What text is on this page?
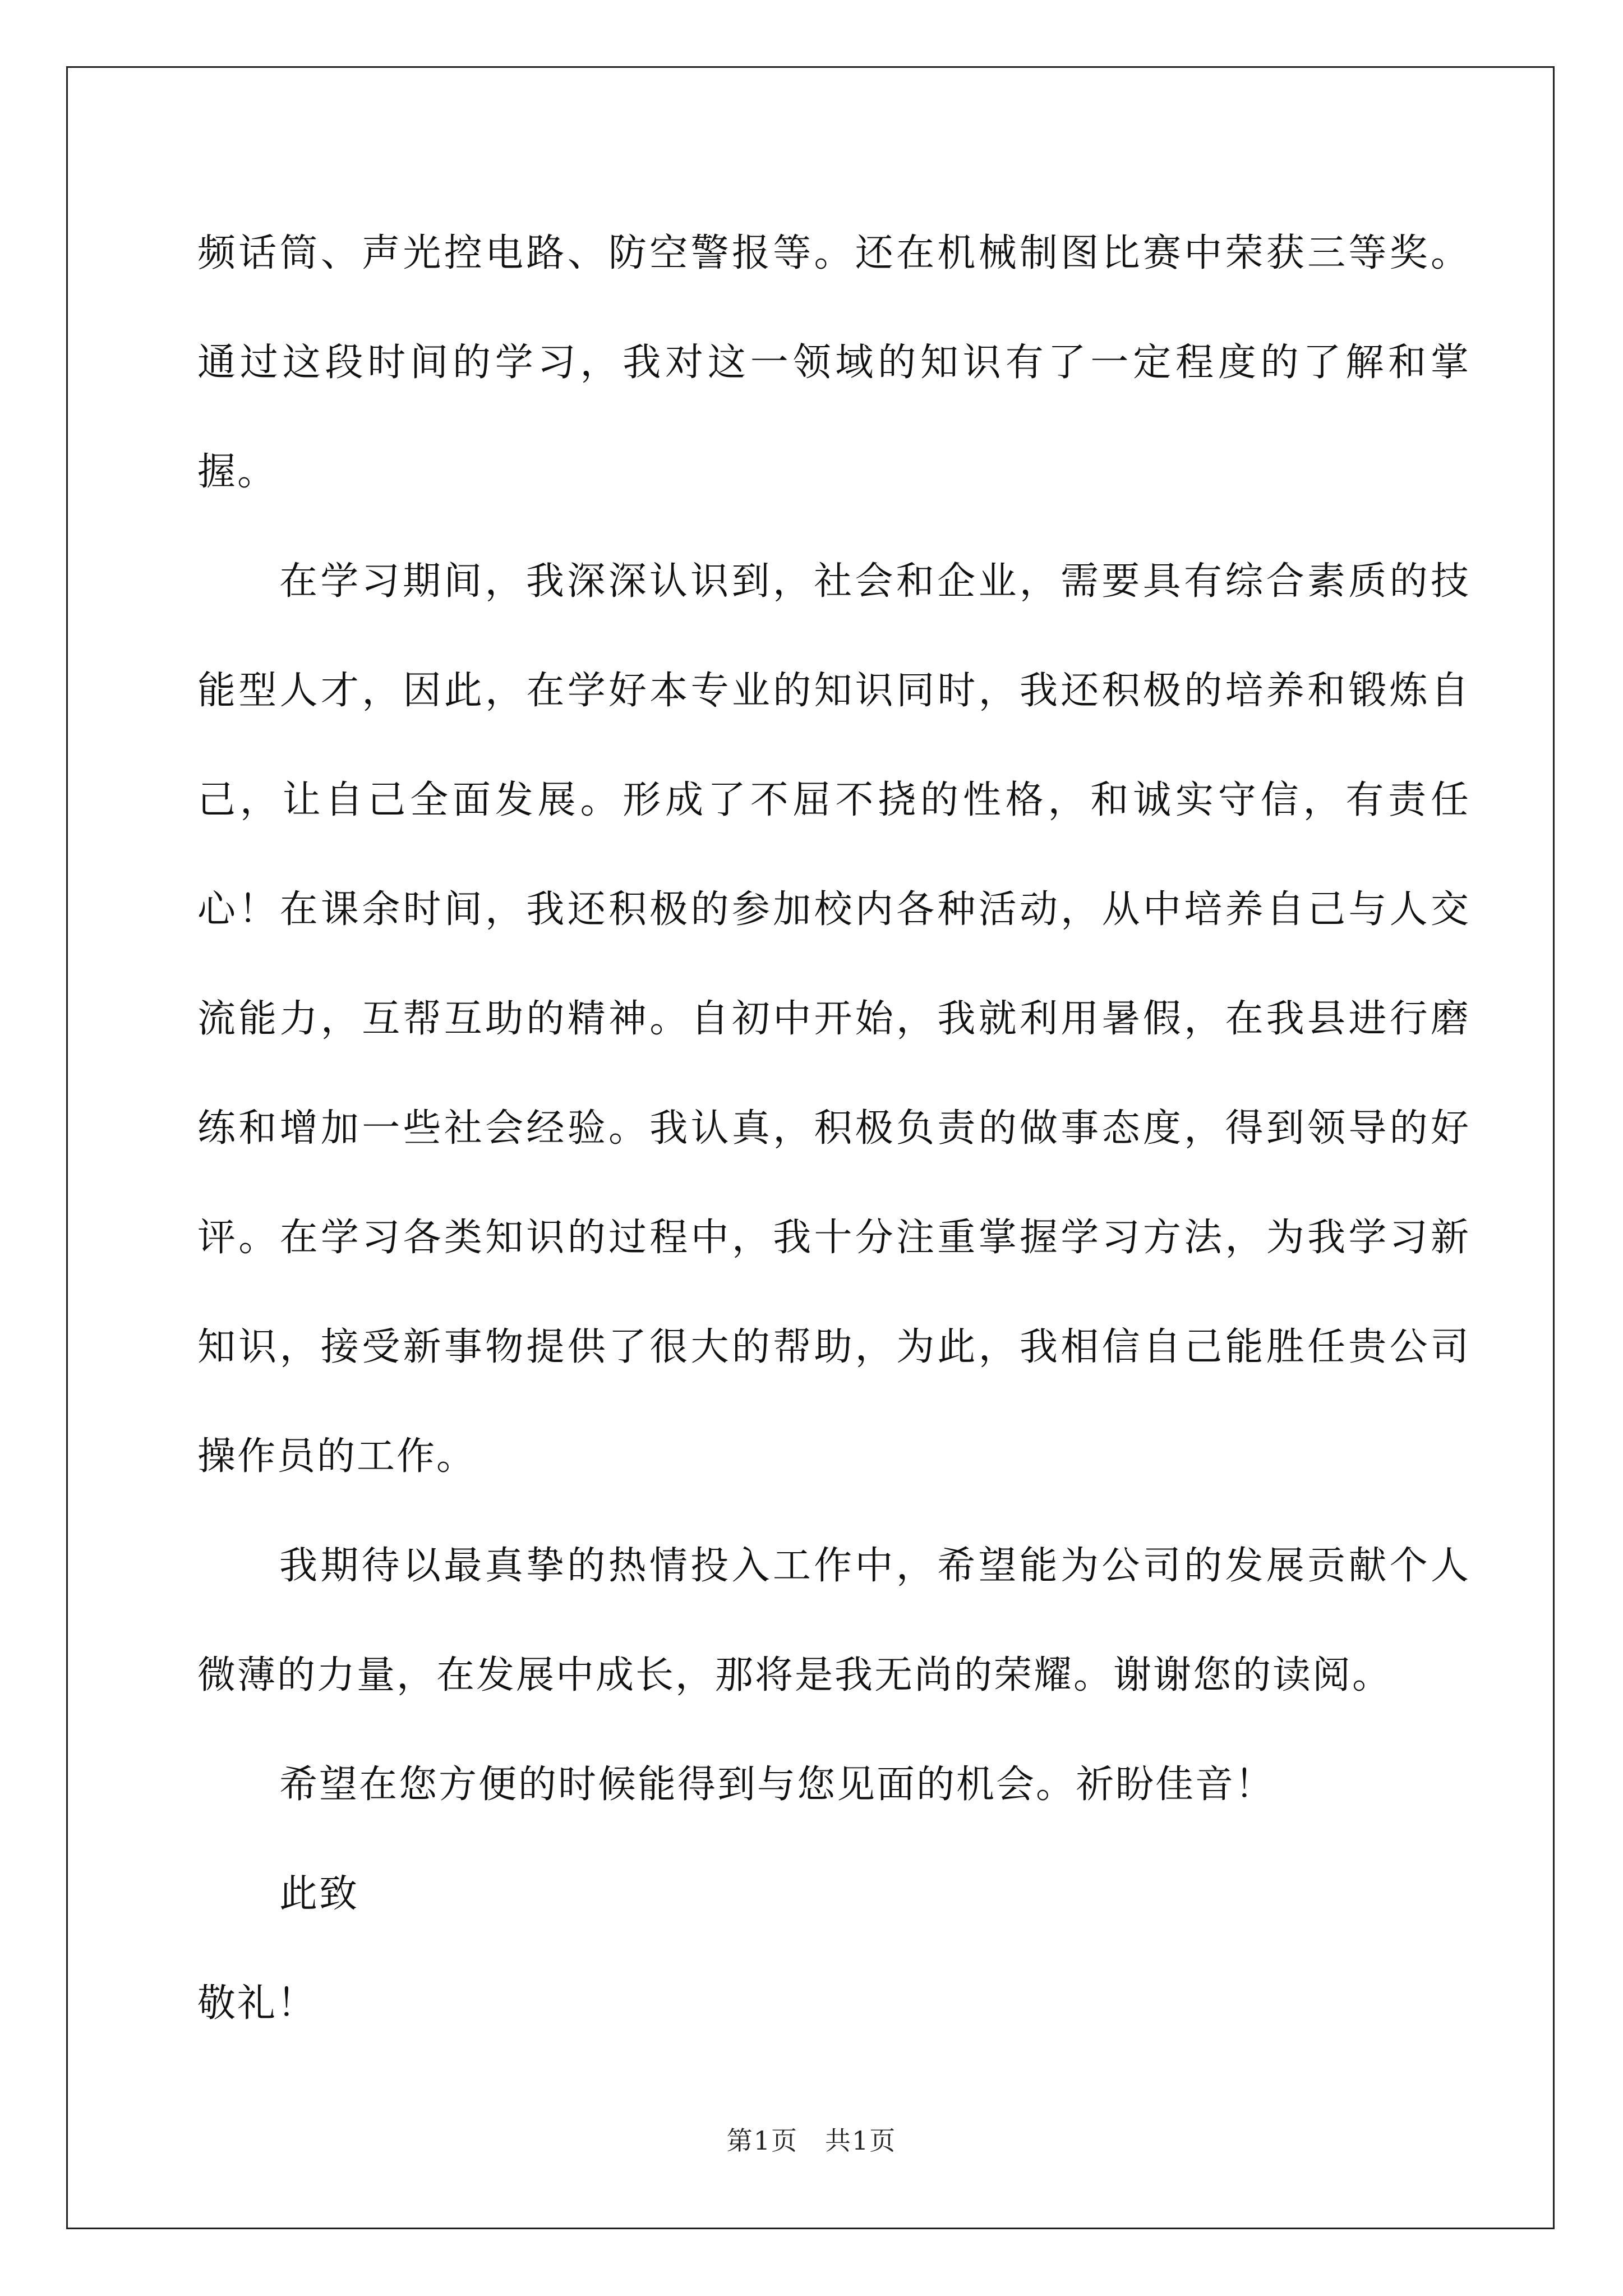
频话筒、声光控电路、防空警报等。还在机械制图比赛中荣获三等奖。通过这段时间的学习，我对这一领域的知识有了一定程度的了解和掌握。

在学习期间，我深深认识到，社会和企业，需要具有综合素质的技能型人才，因此，在学好本专业的知识同时，我还积极的培养和锻炼自己，让自己全面发展。形成了不屈不挠的性格，和诚实守信，有责任心！在课余时间，我还积极的参加校内各种活动，从中培养自己与人交流能力，互帮互助的精神。自初中开始，我就利用暑假，在我县进行磨练和增加一些社会经验。我认真，积极负责的做事态度，得到领导的好评。在学习各类知识的过程中，我十分注重掌握学习方法，为我学习新知识，接受新事物提供了很大的帮助，为此，我相信自己能胜任贵公司操作员的工作。

我期待以最真挚的热情投入工作中，希望能为公司的发展贡献个人微薄的力量，在发展中成长，那将是我无尚的荣耀。谢谢您的读阅。

希望在您方便的时候能得到与您见面的机会。祈盼佳音！

此致

敬礼！

第1页　共1页
